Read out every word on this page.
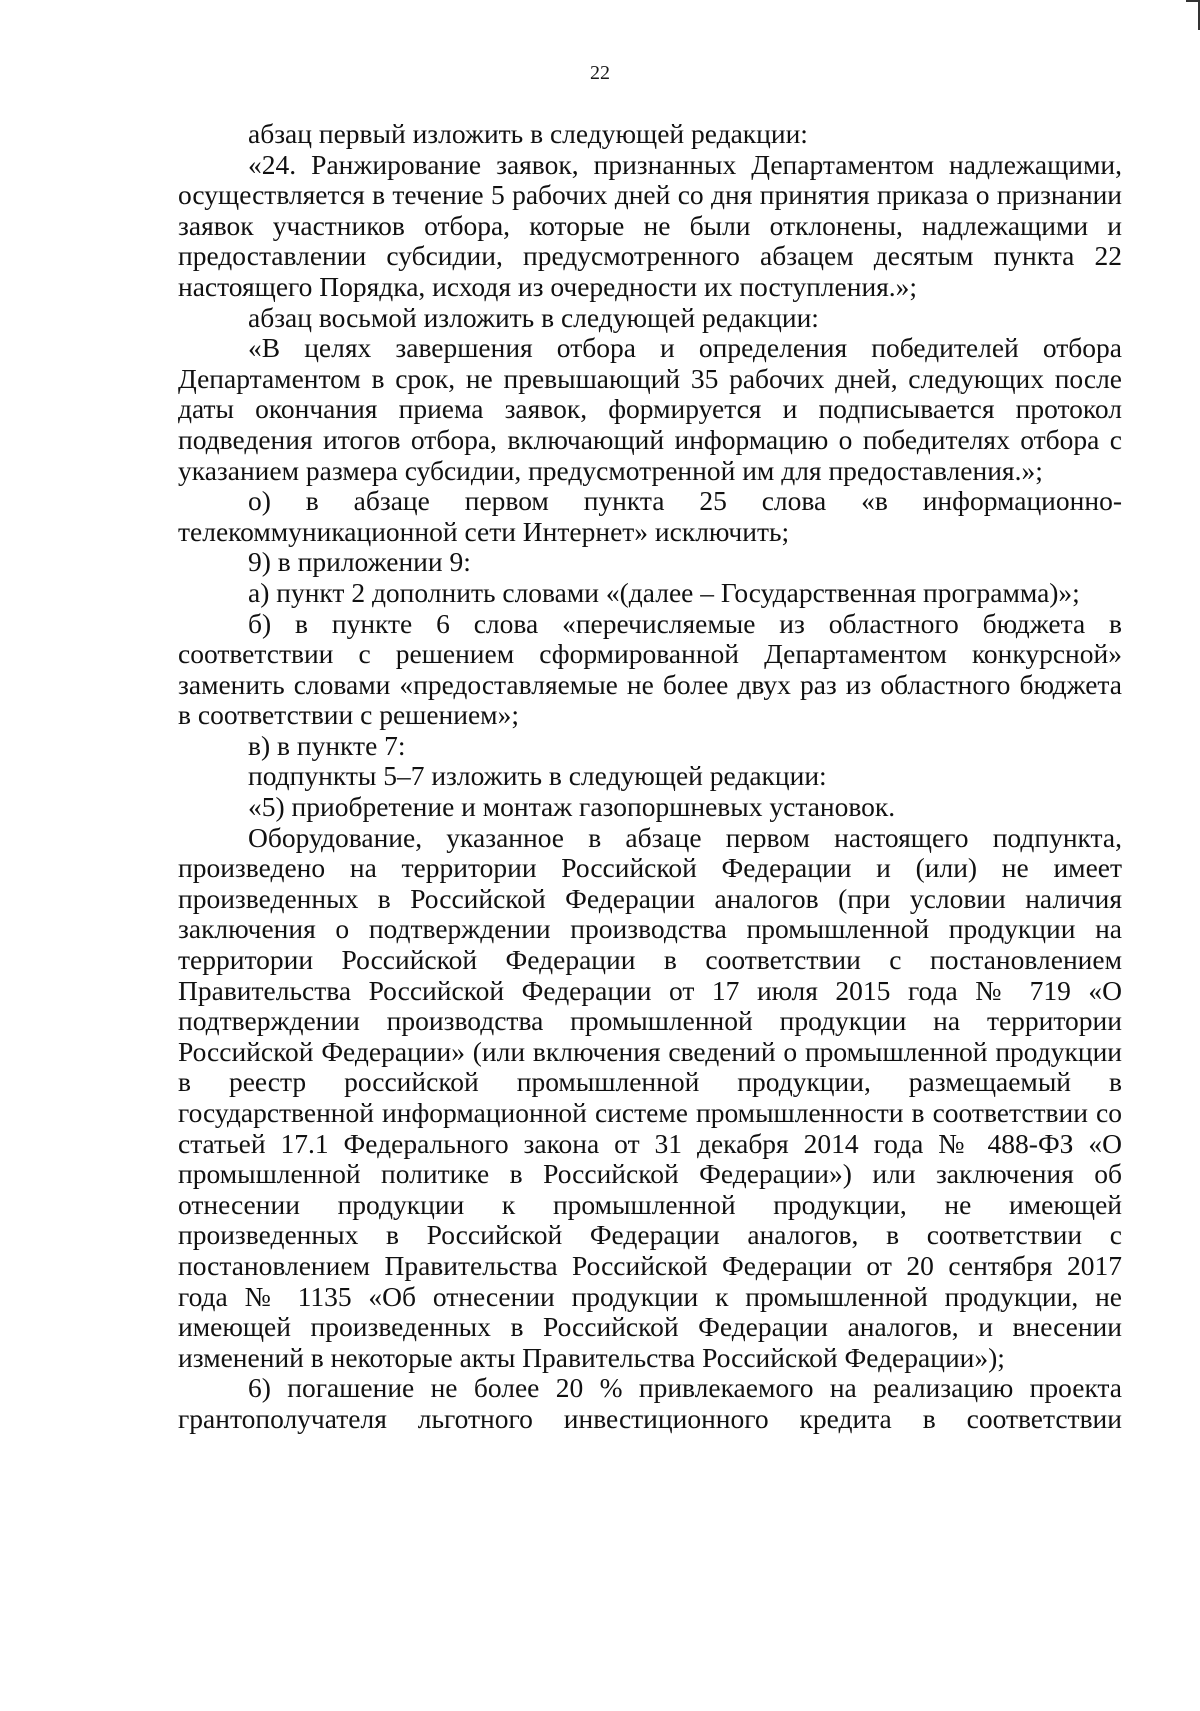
22

абзац первый изложить в следующей редакции:

«24. Ранжирование заявок, признанных Департаментом надлежащими, осуществляется в течение 5 рабочих дней со дня принятия приказа о признании заявок участников отбора, которые не были отклонены, надлежащими и предоставлении субсидии, предусмотренного абзацем десятым пункта 22 настоящего Порядка, исходя из очередности их поступления.»;

абзац восьмой изложить в следующей редакции:

«В целях завершения отбора и определения победителей отбора Департаментом в срок, не превышающий 35 рабочих дней, следующих после даты окончания приема заявок, формируется и подписывается протокол подведения итогов отбора, включающий информацию о победителях отбора с указанием размера субсидии, предусмотренной им для предоставления.»;

о) в абзаце первом пункта 25 слова «в информационно-телекоммуникационной сети Интернет» исключить;

9) в приложении 9:

а) пункт 2 дополнить словами «(далее – Государственная программа)»;

б) в пункте 6 слова «перечисляемые из областного бюджета в соответствии с решением сформированной Департаментом конкурсной» заменить словами «предоставляемые не более двух раз из областного бюджета в соответствии с решением»;

в) в пункте 7:

подпункты 5–7 изложить в следующей редакции:

«5) приобретение и монтаж газопоршневых установок.

Оборудование, указанное в абзаце первом настоящего подпункта, произведено на территории Российской Федерации и (или) не имеет произведенных в Российской Федерации аналогов (при условии наличия заключения о подтверждении производства промышленной продукции на территории Российской Федерации в соответствии с постановлением Правительства Российской Федерации от 17 июля 2015 года № 719 «О подтверждении производства промышленной продукции на территории Российской Федерации» (или включения сведений о промышленной продукции в реестр российской промышленной продукции, размещаемый в государственной информационной системе промышленности в соответствии со статьей 17.1 Федерального закона от 31 декабря 2014 года № 488-ФЗ «О промышленной политике в Российской Федерации») или заключения об отнесении продукции к промышленной продукции, не имеющей произведенных в Российской Федерации аналогов, в соответствии с постановлением Правительства Российской Федерации от 20 сентября 2017 года № 1135 «Об отнесении продукции к промышленной продукции, не имеющей произведенных в Российской Федерации аналогов, и внесении изменений в некоторые акты Правительства Российской Федерации»);

6) погашение не более 20 % привлекаемого на реализацию проекта грантополучателя льготного инвестиционного кредита в соответствии
